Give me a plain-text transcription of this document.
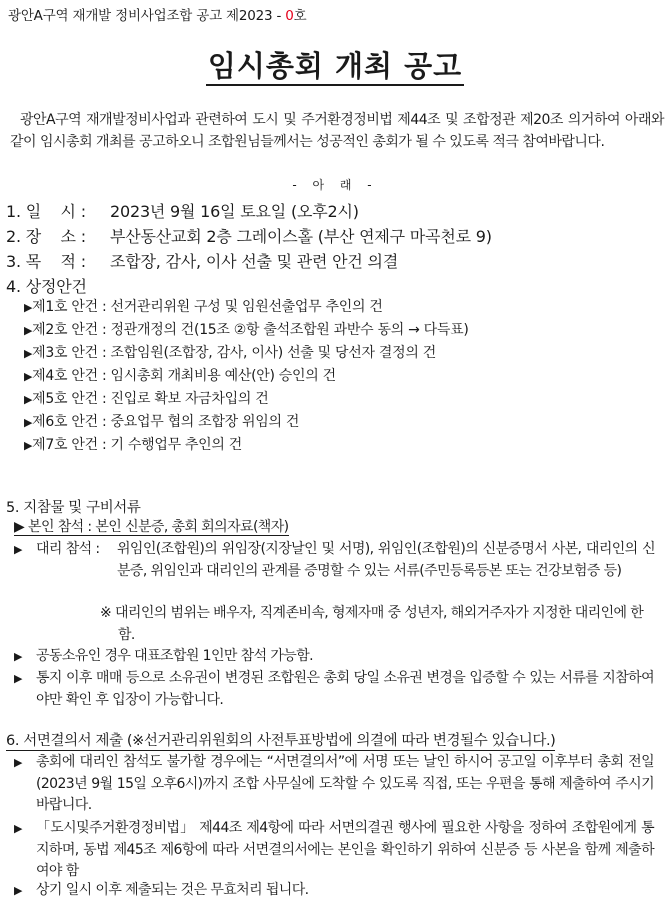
광안A구역 재개발 정비사업조합 공고 제2023 - 0호
임시총회 개최 공고
광안A구역 재개발정비사업과 관련하여 도시 및 주거환경정비법 제44조 및 조합정관 제20조 의거하여 아래와 같이 임시총회 개최를 공고하오니 조합원님들께서는 성공적인 총회가 될 수 있도록 적극 참여바랍니다.
- 아 래 -
1. 일    시 : 2023년 9월 16일 토요일 (오후2시)
2. 장    소 : 부산동산교회 2층 그레이스홀 (부산 연제구 마곡천로 9)
3. 목    적 : 조합장, 감사, 이사 선출 및 관련 안건 의결
4. 상정안건
▶제1호 안건 : 선거관리위원 구성 및 임원선출업무 추인의 건
▶제2호 안건 : 정관개정의 건(15조 ②항 출석조합원 과반수 동의 → 다득표)
▶제3호 안건 : 조합임원(조합장, 감사, 이사) 선출 및 당선자 결정의 건
▶제4호 안건 : 임시총회 개최비용 예산(안) 승인의 건
▶제5호 안건 : 진입로 확보 자금차입의 건
▶제6호 안건 : 중요업무 협의 조합장 위임의 건
▶제7호 안건 : 기 수행업무 추인의 건
5. 지참물 및 구비서류
▶ 본인 참석 : 본인 신분증, 총회 회의자료(책자)
▶ 대리 참석 : 위임인(조합원)의 위임장(지장날인 및 서명), 위임인(조합원)의 신분증명서 사본, 대리인의 신분증, 위임인과 대리인의 관계를 증명할 수 있는 서류(주민등록등본 또는 건강보험증 등)
※ 대리인의 범위는 배우자, 직계존비속, 형제자매 중 성년자, 해외거주자가 지정한 대리인에 한함.
▶ 공동소유인 경우 대표조합원 1인만 참석 가능함.
▶ 통지 이후 매매 등으로 소유권이 변경된 조합원은 총회 당일 소유권 변경을 입증할 수 있는 서류를 지참하여야만 확인 후 입장이 가능합니다.
6. 서면결의서 제출 (※선거관리위원회의 사전투표방법에 의결에 따라 변경될수 있습니다.)
▶ 총회에 대리인 참석도 불가할 경우에는 “서면결의서”에 서명 또는 날인 하시어 공고일 이후부터 총회 전일 (2023년 9월 15일 오후6시)까지 조합 사무실에 도착할 수 있도록 직접, 또는 우편을 통해 제출하여 주시기 바랍니다.
▶ 「도시및주거환경정비법」 제44조 제4항에 따라 서면의결권 행사에 필요한 사항을 정하여 조합원에게 통지하며, 동법 제45조 제6항에 따라 서면결의서에는 본인을 확인하기 위하여 신분증 등 사본을 함께 제출하여야 함
▶ 상기 일시 이후 제출되는 것은 무효처리 됩니다.
